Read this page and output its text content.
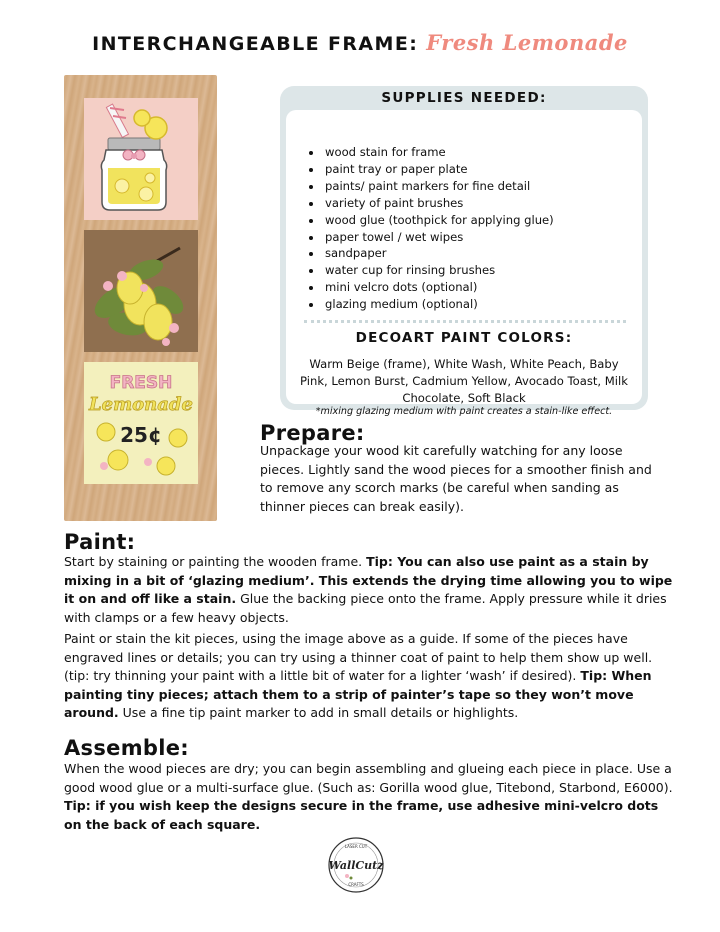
INTERCHANGEABLE FRAME: Fresh Lemonade
FRESH
Lemonade
25¢
SUPPLIES NEEDED:
• wood stain for frame
• paint tray or paper plate
• paints/ paint markers for fine detail
• variety of paint brushes
• wood glue (toothpick for applying glue)
• paper towel / wet wipes
• sandpaper
• water cup for rinsing brushes
• mini velcro dots (optional)
• glazing medium (optional)
DECOART PAINT COLORS:
Warm Beige (frame), White Wash, White Peach, Baby Pink, Lemon Burst, Cadmium Yellow, Avocado Toast, Milk Chocolate, Soft Black
*mixing glazing medium with paint creates a stain-like effect.
Prepare:
Unpackage your wood kit carefully watching for any loose pieces. Lightly sand the wood pieces for a smoother finish and to remove any scorch marks (be careful when sanding as thinner pieces can break easily).
Paint:
Start by staining or painting the wooden frame. Tip: You can also use paint as a stain by mixing in a bit of ‘glazing medium’. This extends the drying time allowing you to wipe it on and off like a stain. Glue the backing piece onto the frame. Apply pressure while it dries with clamps or a few heavy objects.
Paint or stain the kit pieces, using the image above as a guide. If some of the pieces have engraved lines or details; you can try using a thinner coat of paint to help them show up well. (tip: try thinning your paint with a little bit of water for a lighter ‘wash’ if desired). Tip: When painting tiny pieces; attach them to a strip of painter’s tape so they won’t move around. Use a fine tip paint marker to add in small details or highlights.
Assemble:
When the wood pieces are dry; you can begin assembling and glueing each piece in place. Use a good wood glue or a multi-surface glue. (Such as: Gorilla wood glue, Titebond, Starbond, E6000). Tip: if you wish keep the designs secure in the frame, use adhesive mini-velcro dots on the back of each square.
LASER CUT
WallCutz
CRAFTS
